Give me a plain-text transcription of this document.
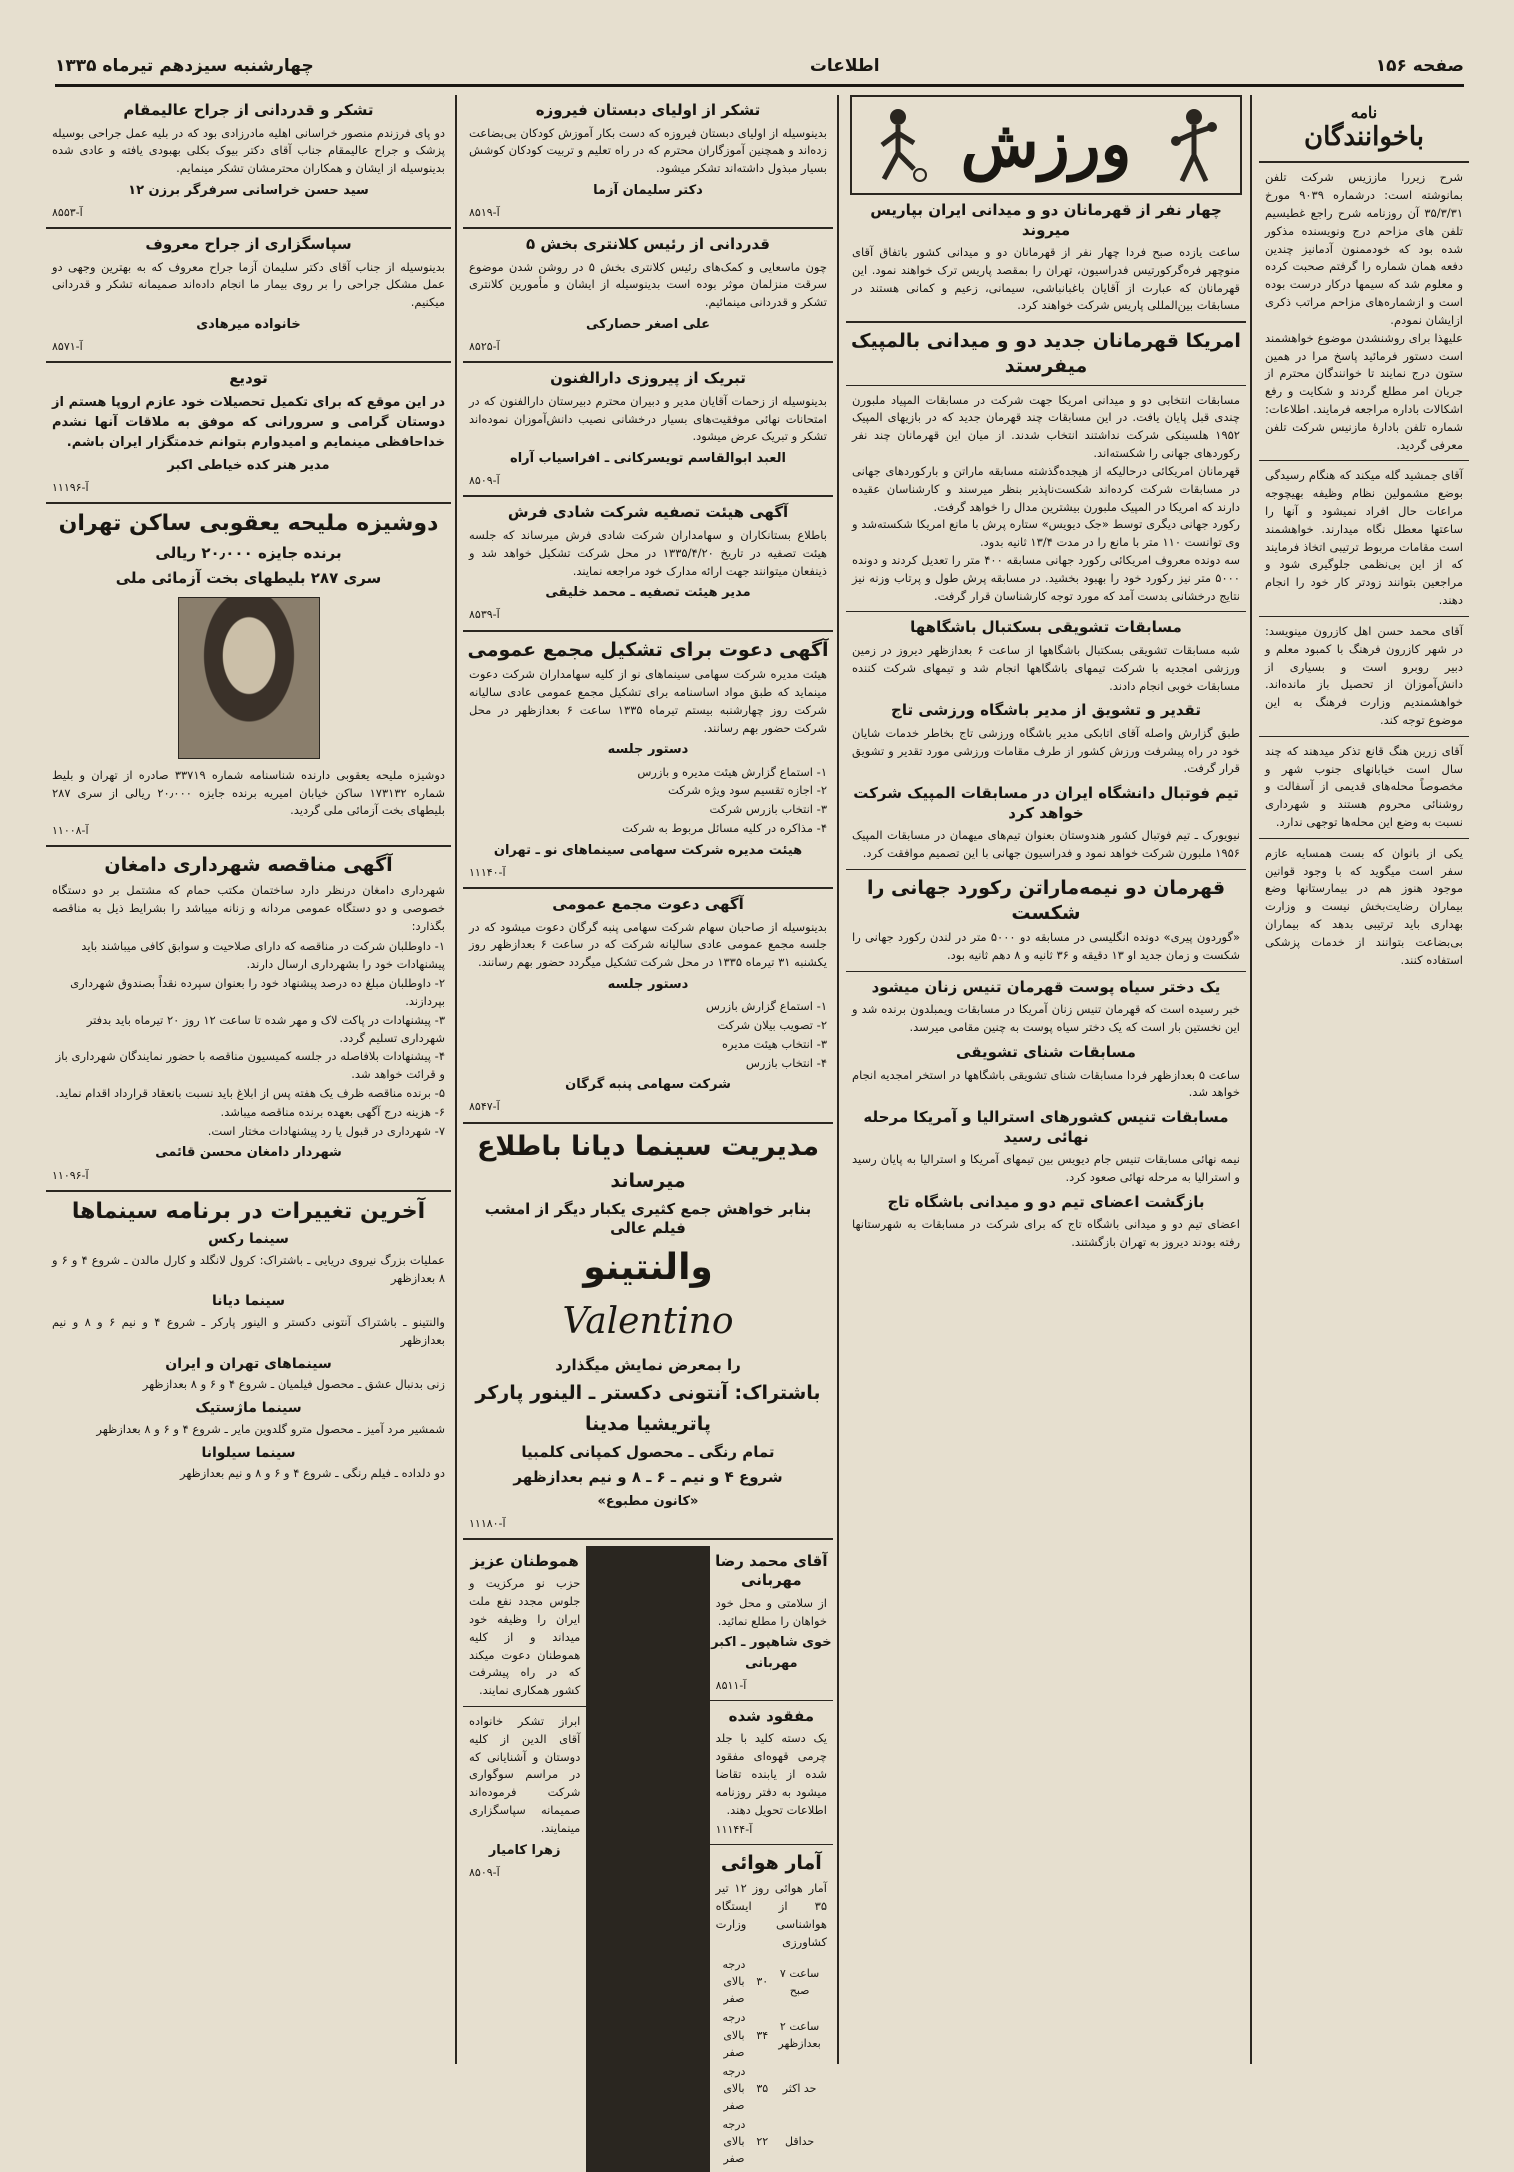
صفحه ۱۵۶
اطلاعات
چهارشنبه سیزدهم تیرماه ۱۳۳۵
نامه
باخوانندگان

شرح زیررا ماززیس شرکت تلفن بمانوشته است: درشماره ۹۰۳۹ مورخ ۳۵/۳/۳۱ آن روزنامه شرح راجع غطیسیم تلفن های مزاحم درج ونویسنده مذکور شده بود که خودممنون آدمانیز چندین دفعه همان شماره را گرفتم صحبت کرده و معلوم شد که سیمها درکار درست بوده است و ازشماره‌های مزاحم مراتب ذکری ازایشان نمودم.

علیهذا برای روشنشدن موضوع خواهشمند است دستور فرمائید پاسخ مرا در همین ستون درج نمایند تا خوانندگان محترم از جریان امر مطلع گردند و شکایت و رفع اشکالات باداره مراجعه فرمایند. اطلاعات: شماره تلفن بادارۀ مازنیس شرکت تلفن معرفی گردید.

آقای جمشید گله میکند که هنگام رسیدگی بوضع مشمولین نظام وظیفه بهیچوجه مراعات حال افراد نمیشود و آنها را ساعتها معطل نگاه میدارند. خواهشمند است مقامات مربوط ترتیبی اتخاذ فرمایند که از این بی‌نظمی جلوگیری شود و مراجعین بتوانند زودتر کار خود را انجام دهند.

آقای محمد حسن اهل کازرون مینویسد: در شهر کازرون فرهنگ با کمبود معلم و دبیر روبرو است و بسیاری از دانش‌آموزان از تحصیل باز مانده‌اند. خواهشمندیم وزارت فرهنگ به این موضوع توجه کند.

آقای زرین هنگ قانع تذکر میدهند که چند سال است خیابانهای جنوب شهر و مخصوصاً محله‌های قدیمی از آسفالت و روشنائی محروم هستند و شهرداری نسبت به وضع این محله‌ها توجهی ندارد.

یکی از بانوان که بست همسایه عازم سفر است میگوید که با وجود قوانین موجود هنوز هم در بیمارستانها وضع بیماران رضایت‌بخش نیست و وزارت بهداری باید ترتیبی بدهد که بیماران بی‌بضاعت بتوانند از خدمات پزشکی استفاده کنند.

ورزش
چهار نفر از قهرمانان دو و میدانی ایران بپاریس میروند

ساعت یازده صبح فردا چهار نفر از قهرمانان دو و میدانی کشور باتفاق آقای منوچهر فره‌گرکورتیس فدراسیون، تهران را بمقصد پاریس ترک خواهند نمود. این قهرمانان که عبارت از آقایان باغبانباشی، سیمانی، زعیم و کمانی هستند در مسابقات بین‌المللی پاریس شرکت خواهند کرد.

امریکا قهرمانان جدید دو و میدانی بالمپیک میفرستد

مسابقات انتخابی دو و میدانی امریکا جهت شرکت در مسابقات المپیاد ملبورن چندی قبل پایان یافت. در این مسابقات چند قهرمان جدید که در بازیهای المپیک ۱۹۵۲ هلسینکی شرکت نداشتند انتخاب شدند. از میان این قهرمانان چند نفر رکوردهای جهانی را شکسته‌اند.

قهرمانان امریکائی درحالیکه از هیجده‌گذشته مسابقه ماراتن و بارکوردهای جهانی در مسابقات شرکت کرده‌اند شکست‌ناپذیر بنظر میرسند و کارشناسان عقیده دارند که امریکا در المپیک ملبورن بیشترین مدال را خواهد گرفت.

رکورد جهانی دیگری توسط «جک دیویس» ستاره پرش با مانع امریکا شکسته‌شد و وی توانست ۱۱۰ متر با مانع را در مدت ۱۳/۴ ثانیه بدود.

سه دونده معروف امریکائی رکورد جهانی مسابقه ۴۰۰ متر را تعدیل کردند و دونده ۵۰۰۰ متر نیز رکورد خود را بهبود بخشید. در مسابقه پرش طول و پرتاب وزنه نیز نتایج درخشانی بدست آمد که مورد توجه کارشناسان قرار گرفت.

مسابقات تشویقی بسکتبال باشگاهها

شبه مسابقات تشویقی بسکتبال باشگاهها از ساعت ۶ بعدازظهر دیروز در زمین ورزشی امجدیه با شرکت تیمهای باشگاهها انجام شد و تیمهای شرکت کننده مسابقات خوبی انجام دادند.

تقدیر و تشویق از مدیر باشگاه ورزشی تاج

طبق گزارش واصله آقای اتابکی مدیر باشگاه ورزشی تاج بخاطر خدمات شایان خود در راه پیشرفت ورزش کشور از طرف مقامات ورزشی مورد تقدیر و تشویق قرار گرفت.

تیم فوتبال دانشگاه ایران در مسابقات المپیک شرکت خواهد کرد

نیویورک ـ تیم فوتبال کشور هندوستان بعنوان تیم‌های میهمان در مسابقات المپیک ۱۹۵۶ ملبورن شرکت خواهد نمود و فدراسیون جهانی با این تصمیم موافقت کرد.

قهرمان دو نیمه‌ماراتن رکورد جهانی را شکست

«گوردون پیری» دونده انگلیسی در مسابقه دو ۵۰۰۰ متر در لندن رکورد جهانی را شکست و زمان جدید او ۱۳ دقیقه و ۳۶ ثانیه و ۸ دهم ثانیه بود.

یک دختر سیاه پوست قهرمان تنیس زنان میشود

خبر رسیده است که قهرمان تنیس زنان آمریکا در مسابقات ویمبلدون برنده شد و این نخستین بار است که یک دختر سیاه پوست به چنین مقامی میرسد.

مسابقات شنای تشویقی

ساعت ۵ بعدازظهر فردا مسابقات شنای تشویقی باشگاهها در استخر امجدیه انجام خواهد شد.

مسابقات تنیس کشورهای استرالیا و آمریکا مرحله نهائی رسید

نیمه نهائی مسابقات تنیس جام دیویس بین تیمهای آمریکا و استرالیا به پایان رسید و استرالیا به مرحله نهائی صعود کرد.

بازگشت اعضای تیم دو و میدانی باشگاه تاج

اعضای تیم دو و میدانی باشگاه تاج که برای شرکت در مسابقات به شهرستانها رفته بودند دیروز به تهران بازگشتند.

تشکر از اولیای دبستان فیروزه

بدینوسیله از اولیای دبستان فیروزه که دست بکار آموزش کودکان بی‌بضاعت زده‌اند و همچنین آموزگاران محترم که در راه تعلیم و تربیت کودکان کوشش بسیار مبذول داشته‌اند تشکر میشود.

دکتر سلیمان آزما
آ-۸۵۱۹
قدردانی از رئیس کلانتری بخش ۵

چون ماسعایی و کمک‌های رئیس کلانتری بخش ۵ در روشن شدن موضوع سرقت منزلمان موثر بوده است بدینوسیله از ایشان و مأمورین کلانتری تشکر و قدردانی مینمائیم.

علی اصغر حصارکی
آ-۸۵۲۵
تبریک از پیروزی دارالفنون

بدینوسیله از زحمات آقایان مدیر و دبیران محترم دبیرستان دارالفنون که در امتحانات نهائی موفقیت‌های بسیار درخشانی نصیب دانش‌آموزان نموده‌اند تشکر و تبریک عرض میشود.

العبد ابوالقاسم تویسرکانی ـ افراسیاب آراه
آ-۸۵۰۹
آگهی هیئت تصفیه شرکت شادی فرش

باطلاع بستانکاران و سهامداران شرکت شادی فرش میرساند که جلسه هیئت تصفیه در تاریخ ۱۳۳۵/۴/۲۰ در محل شرکت تشکیل خواهد شد و ذینفعان میتوانند جهت ارائه مدارک خود مراجعه نمایند.

مدیر هیئت تصفیه ـ محمد خلیقی
آ-۸۵۳۹
آگهی دعوت برای تشکیل مجمع عمومی

هیئت مدیره شرکت سهامی سینماهای نو از کلیه سهامداران شرکت دعوت مینماید که طبق مواد اساسنامه برای تشکیل مجمع عمومی عادی سالیانه شرکت روز چهارشنبه بیستم تیرماه ۱۳۳۵ ساعت ۶ بعدازظهر در محل شرکت حضور بهم رسانند.

دستور جلسه
۱- استماع گزارش هیئت مدیره و بازرس
۲- اجازه تقسیم سود ویژه شرکت
۳- انتخاب بازرس شرکت
۴- مذاکره در کلیه مسائل مربوط به شرکت
هیئت مدیره شرکت سهامی سینماهای نو ـ تهران
آ-۱۱۱۴۰
آگهی دعوت مجمع عمومی

بدینوسیله از صاحبان سهام شرکت سهامی پنبه گرگان دعوت میشود که در جلسه مجمع عمومی عادی سالیانه شرکت که در ساعت ۶ بعدازظهر روز یکشنبه ۳۱ تیرماه ۱۳۳۵ در محل شرکت تشکیل میگردد حضور بهم رسانند.

دستور جلسه
۱- استماع گزارش بازرس
۲- تصویب بیلان شرکت
۳- انتخاب هیئت مدیره
۴- انتخاب بازرس
شرکت سهامی پنبه گرگان
آ-۸۵۴۷
مدیریت سینما دیانا باطلاع
میرساند
بنابر خواهش جمع کثیری یکبار دیگر از امشب فیلم عالی
والنتینو
Valentino
را بمعرض نمایش میگذارد
باشتراک: آنتونی دکستر ـ الینور پارکر
پاتریشیا مدینا
تمام رنگی ـ محصول کمپانی کلمبیا
شروع ۴ و نیم ـ ۶ ـ ۸ و نیم بعدازظهر
«کانون مطبوع»
آ-۱۱۱۸۰
آقای محمد رضا مهربانی

از سلامتی و محل خود خواهان را مطلع نمائید.

خوی شاهپور ـ اکبر مهربانی
آ-۸۵۱۱
مفقود شده

یک دسته کلید با جلد چرمی قهوه‌ای مفقود شده از یابنده تقاضا میشود به دفتر روزنامه اطلاعات تحویل دهند.

آ-۱۱۱۴۴
آمار هوائی

آمار هوائی روز ۱۲ تیر ۳۵ از ایستگاه هواشناسی وزارت کشاورزی

ساعت ۷ صبح	۳۰	درجه بالای صفر
ساعت ۲ بعدازظهر	۳۴	درجه بالای صفر
حد اکثر	۳۵	درجه بالای صفر
حداقل	۲۲	درجه بالای صفر
هموطنان عزیز

حزب نو مرکزیت و جلوس مجدد نفع ملت ایران را وظیفه خود میداند و از کلیه هموطنان دعوت میکند که در راه پیشرفت کشور همکاری نمایند.

ابراز تشکر خانواده آقای الدین از کلیه دوستان و آشنایانی که در مراسم سوگواری شرکت فرموده‌اند صمیمانه سپاسگزاری مینمایند.

زهرا کامیار
آ-۸۵۰۹
تشکر و قدردانی از جراح عالیمقام

دو پای فرزندم منصور خراسانی اهلیه مادرزادی بود که در بلیه عمل جراحی بوسیله پزشک و جراح عالیمقام جناب آقای دکتر بیوک بکلی بهبودی یافته و عادی شده بدینوسیله از ایشان و همکاران محترمشان تشکر مینمایم.

سید حسن خراسانی سرفرگر برزن ۱۲
آ-۸۵۵۳
سپاسگزاری از جراح معروف

بدینوسیله از جناب آقای دکتر سلیمان آزما جراح معروف که به بهترین وجهی دو عمل مشکل جراحی را بر روی بیمار ما انجام داده‌اند صمیمانه تشکر و قدردانی میکنیم.

خانواده میرهادی
آ-۸۵۷۱
تودیع

در این موقع که برای تکمیل تحصیلات خود عازم اروپا هستم از دوستان گرامی و سرورانی که موفق به ملاقات آنها نشدم خداحافظی مینمایم و امیدوارم بتوانم خدمتگزار ایران باشم.

مدیر هنر کده خیاطی اکبر
آ-۱۱۱۹۶
دوشیزه ملیحه یعقوبی ساکن تهران
برنده جایزه ۲۰٫۰۰۰ ریالی
سری ۲۸۷ بلیطهای بخت آزمائی ملی

دوشیزه ملیحه یعقوبی دارنده شناسنامه شماره ۳۳۷۱۹ صادره از تهران و بلیط شماره ۱۷۳۱۳۲ ساکن خیابان امیریه برنده جایزه ۲۰٫۰۰۰ ریالی از سری ۲۸۷ بلیطهای بخت آزمائی ملی گردید.

آ-۱۱۰۰۸
آگهی مناقصه شهرداری دامغان

شهرداری دامغان درنظر دارد ساختمان مکتب حمام که مشتمل بر دو دستگاه خصوصی و دو دستگاه عمومی مردانه و زنانه میباشد را بشرایط ذیل به مناقصه بگذارد:

۱- داوطلبان شرکت در مناقصه که دارای صلاحیت و سوابق کافی میباشند باید پیشنهادات خود را بشهرداری ارسال دارند.
۲- داوطلبان مبلغ ده درصد پیشنهاد خود را بعنوان سپرده نقداً بصندوق شهرداری بپردازند.
۳- پیشنهادات در پاکت لاک و مهر شده تا ساعت ۱۲ روز ۲۰ تیرماه باید بدفتر شهرداری تسلیم گردد.
۴- پیشنهادات بلافاصله در جلسه کمیسیون مناقصه با حضور نمایندگان شهرداری باز و قرائت خواهد شد.
۵- برنده مناقصه ظرف یک هفته پس از ابلاغ باید نسبت بانعقاد قرارداد اقدام نماید.
۶- هزینه درج آگهی بعهده برنده مناقصه میباشد.
۷- شهرداری در قبول یا رد پیشنهادات مختار است.
شهردار دامغان محسن قائمی
آ-۱۱۰۹۶
آخرین تغییرات در برنامه سینماها
سینما رکس

عملیات بزرگ نیروی دریایی ـ باشتراک: کرول لانگلد و کارل مالدن ـ شروع ۴ و ۶ و ۸ بعدازظهر

سینما دیانا

والنتینو ـ باشتراک آنتونی دکستر و الینور پارکر ـ شروع ۴ و نیم ۶ و ۸ و نیم بعدازظهر

سینماهای تهران و ایران

زنی بدنبال عشق ـ محصول فیلمیان ـ شروع ۴ و ۶ و ۸ بعدازظهر

سینما ماژستیک

شمشیر مرد آمیز ـ محصول مترو گلدوین مایر ـ شروع ۴ و ۶ و ۸ بعدازظهر

سینما سیلوانا

دو دلداده ـ فیلم رنگی ـ شروع ۴ و ۶ و ۸ و نیم بعدازظهر
